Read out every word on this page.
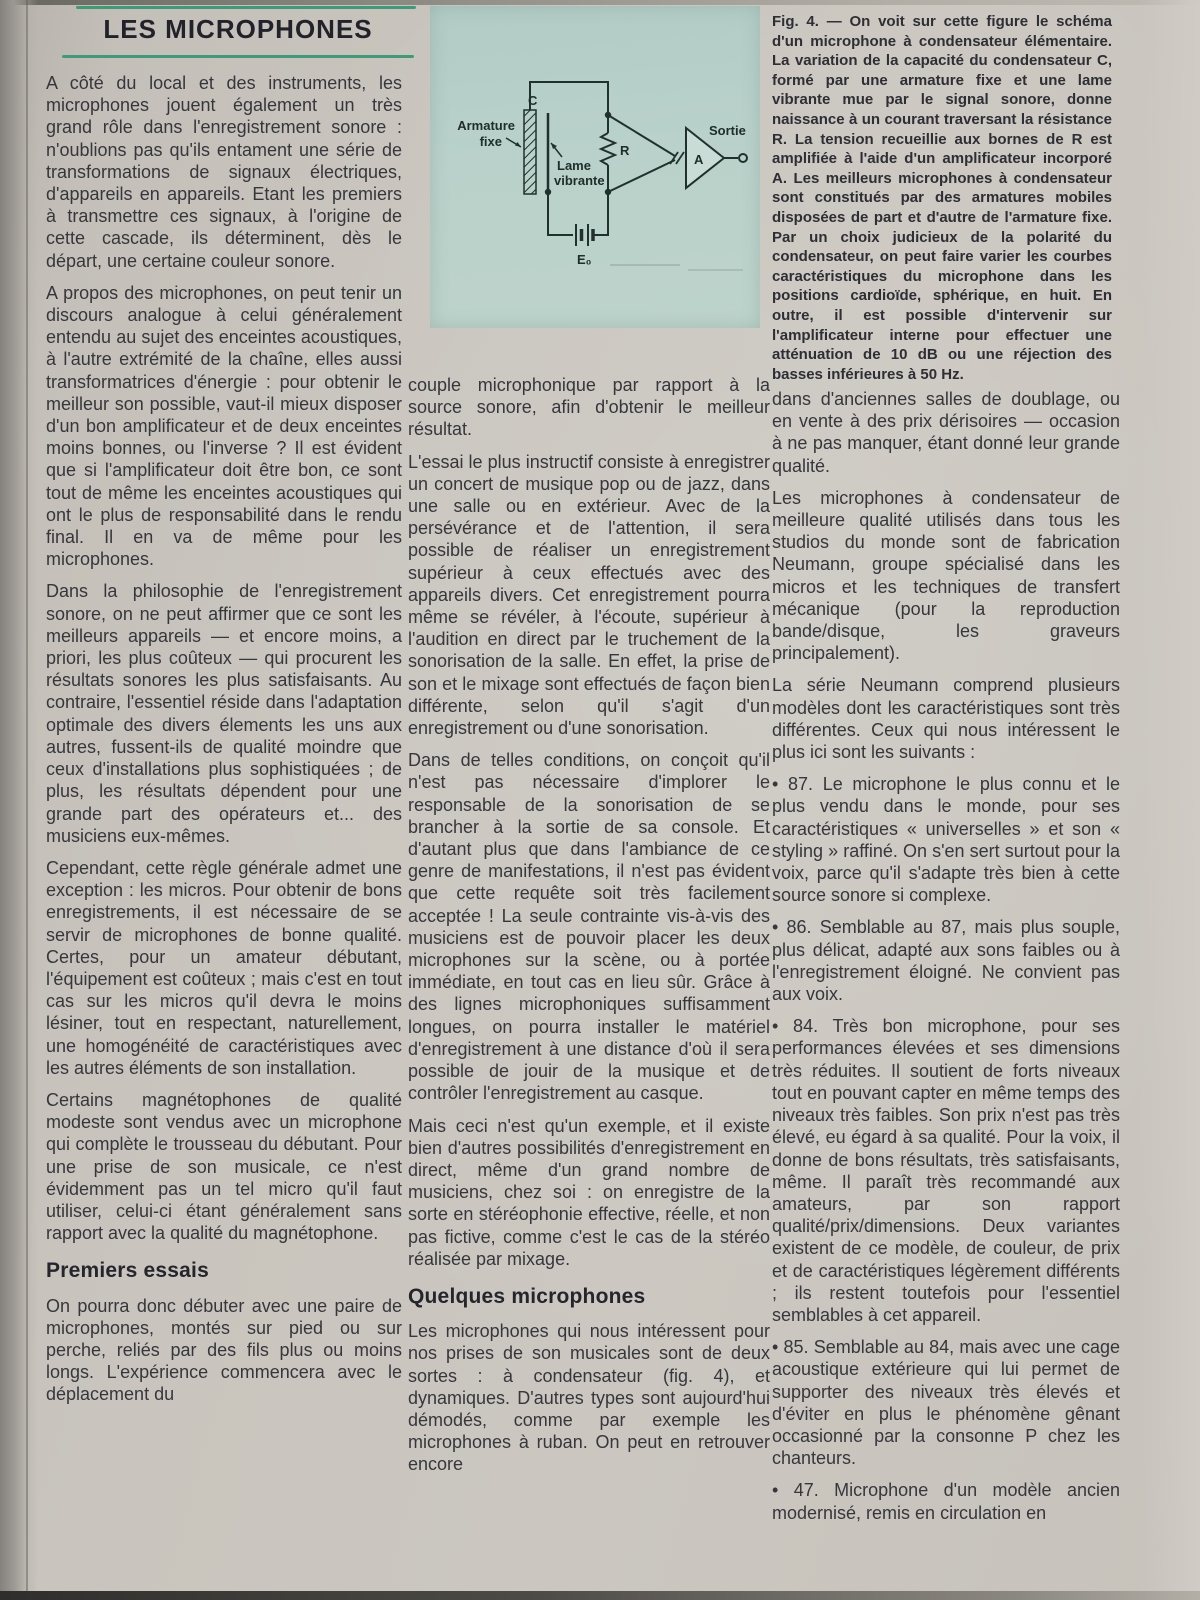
LES MICROPHONES
A
C
Armature
fixe
Lame
vibrante
R
Sortie
E₀
Fig. 4. — On voit sur cette figure le schéma d'un microphone à condensateur élémentaire. La variation de la capacité du condensateur C, formé par une armature fixe et une lame vibrante mue par le signal sonore, donne naissance à un courant traversant la résistance R. La tension recueillie aux bornes de R est amplifiée à l'aide d'un amplificateur incorporé A. Les meilleurs microphones à condensateur sont constitués par des armatures mobiles disposées de part et d'autre de l'armature fixe. Par un choix judicieux de la polarité du condensateur, on peut faire varier les courbes caractéristiques du microphone dans les positions cardioïde, sphérique, en huit. En outre, il est possible d'intervenir sur l'amplificateur interne pour effectuer une atténuation de 10 dB ou une réjection des basses inférieures à 50 Hz.

A côté du local et des instruments, les microphones jouent également un très grand rôle dans l'enregistrement sonore : n'oublions pas qu'ils entament une série de transformations de signaux électriques, d'appareils en appareils. Etant les premiers à transmettre ces signaux, à l'origine de cette cascade, ils déterminent, dès le départ, une certaine couleur sonore.

A propos des microphones, on peut tenir un discours analogue à celui généralement entendu au sujet des enceintes acoustiques, à l'autre extrémité de la chaîne, elles aussi transformatrices d'énergie : pour obtenir le meilleur son possible, vaut-il mieux disposer d'un bon amplificateur et de deux enceintes moins bonnes, ou l'inverse ? Il est évident que si l'amplificateur doit être bon, ce sont tout de même les enceintes acoustiques qui ont le plus de responsabilité dans le rendu final. Il en va de même pour les microphones.

Dans la philosophie de l'enregistrement sonore, on ne peut affirmer que ce sont les meilleurs appareils — et encore moins, a priori, les plus coûteux — qui procurent les résultats sonores les plus satisfaisants. Au contraire, l'essentiel réside dans l'adaptation optimale des divers élements les uns aux autres, fussent-ils de qualité moindre que ceux d'installations plus sophistiquées ; de plus, les résultats dépendent pour une grande part des opérateurs et... des musiciens eux-mêmes.

Cependant, cette règle générale admet une exception : les micros. Pour obtenir de bons enregistrements, il est nécessaire de se servir de microphones de bonne qualité. Certes, pour un amateur débutant, l'équipement est coûteux ; mais c'est en tout cas sur les micros qu'il devra le moins lésiner, tout en respectant, naturellement, une homogénéité de caractéristiques avec les autres éléments de son installation.

Certains magnétophones de qualité modeste sont vendus avec un microphone qui complète le trousseau du débutant. Pour une prise de son musicale, ce n'est évidemment pas un tel micro qu'il faut utiliser, celui-ci étant généralement sans rapport avec la qualité du magnétophone.

Premiers essais

On pourra donc débuter avec une paire de microphones, montés sur pied ou sur perche, reliés par des fils plus ou moins longs. L'expérience commencera avec le déplacement du

couple microphonique par rapport à la source sonore, afin d'obtenir le meilleur résultat.

L'essai le plus instructif consiste à enregistrer un concert de musique pop ou de jazz, dans une salle ou en extérieur. Avec de la persévérance et de l'attention, il sera possible de réaliser un enregistrement supérieur à ceux effectués avec des appareils divers. Cet enregistrement pourra même se révéler, à l'écoute, supérieur à l'audition en direct par le truchement de la sonorisation de la salle. En effet, la prise de son et le mixage sont effectués de façon bien différente, selon qu'il s'agit d'un enregistrement ou d'une sonorisation.

Dans de telles conditions, on conçoit qu'il n'est pas nécessaire d'implorer le responsable de la sonorisation de se brancher à la sortie de sa console. Et d'autant plus que dans l'ambiance de ce genre de manifestations, il n'est pas évident que cette requête soit très facilement acceptée ! La seule contrainte vis-à-vis des musiciens est de pouvoir placer les deux microphones sur la scène, ou à portée immédiate, en tout cas en lieu sûr. Grâce à des lignes microphoniques suffisamment longues, on pourra installer le matériel d'enregistrement à une distance d'où il sera possible de jouir de la musique et de contrôler l'enregistrement au casque.

Mais ceci n'est qu'un exemple, et il existe bien d'autres possibilités d'enregistrement en direct, même d'un grand nombre de musiciens, chez soi : on enregistre de la sorte en stéréophonie effective, réelle, et non pas fictive, comme c'est le cas de la stéréo réalisée par mixage.

Quelques microphones

Les microphones qui nous intéressent pour nos prises de son musicales sont de deux sortes : à condensateur (fig. 4), et dynamiques. D'autres types sont aujourd'hui démodés, comme par exemple les microphones à ruban. On peut en retrouver encore

dans d'anciennes salles de doublage, ou en vente à des prix dérisoires — occasion à ne pas manquer, étant donné leur grande qualité.

Les microphones à condensateur de meilleure qualité utilisés dans tous les studios du monde sont de fabrication Neumann, groupe spécialisé dans les micros et les techniques de transfert mécanique (pour la reproduction bande/disque, les graveurs principalement).

La série Neumann comprend plusieurs modèles dont les caractéristiques sont très différentes. Ceux qui nous intéressent le plus ici sont les suivants :

• 87. Le microphone le plus connu et le plus vendu dans le monde, pour ses caractéristiques « universelles » et son « styling » raffiné. On s'en sert surtout pour la voix, parce qu'il s'adapte très bien à cette source sonore si complexe.

• 86. Semblable au 87, mais plus souple, plus délicat, adapté aux sons faibles ou à l'enregistrement éloigné. Ne convient pas aux voix.

• 84. Très bon microphone, pour ses performances élevées et ses dimensions très réduites. Il soutient de forts niveaux tout en pouvant capter en même temps des niveaux très faibles. Son prix n'est pas très élevé, eu égard à sa qualité. Pour la voix, il donne de bons résultats, très satisfaisants, même. Il paraît très recommandé aux amateurs, par son rapport qualité/prix/dimensions. Deux variantes existent de ce modèle, de couleur, de prix et de caractéristiques légèrement différents ; ils restent toutefois pour l'essentiel semblables à cet appareil.

• 85. Semblable au 84, mais avec une cage acoustique extérieure qui lui permet de supporter des niveaux très élevés et d'éviter en plus le phénomène gênant occasionné par la consonne P chez les chanteurs.

• 47. Microphone d'un modèle ancien modernisé, remis en circulation en
